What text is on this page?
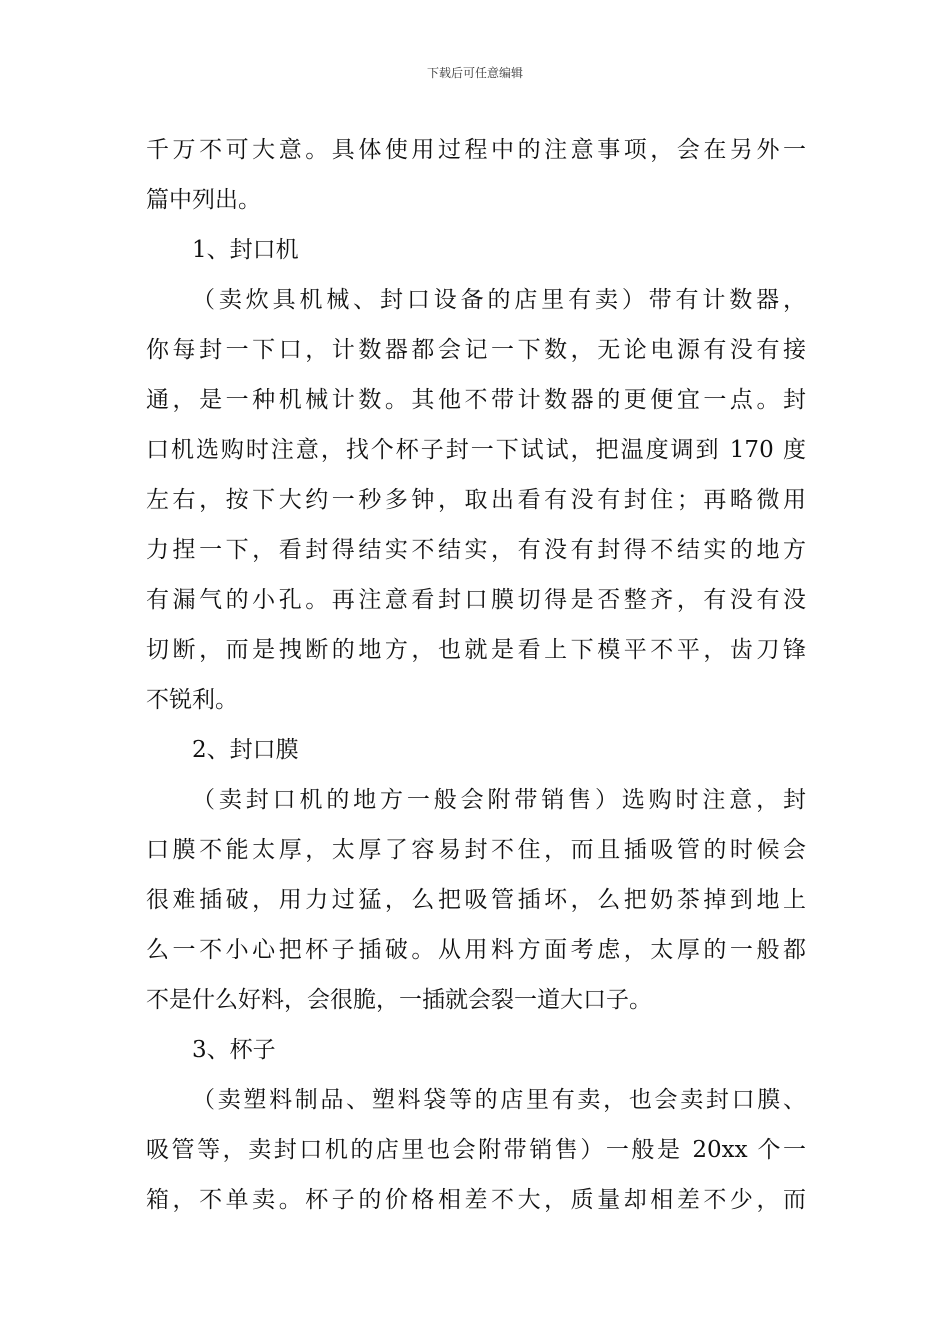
下载后可任意编辑
千万不可大意。具体使用过程中的注意事项，会在另外一
篇中列出。
1、封口机
（卖炊具机械、封口设备的店里有卖）带有计数器，
你每封一下口，计数器都会记一下数，无论电源有没有接
通，是一种机械计数。其他不带计数器的更便宜一点。封
口机选购时注意，找个杯子封一下试试，把温度调到 170 度
左右，按下大约一秒多钟，取出看有没有封住；再略微用
力捏一下，看封得结实不结实，有没有封得不结实的地方
有漏气的小孔。再注意看封口膜切得是否整齐，有没有没
切断，而是拽断的地方，也就是看上下模平不平，齿刀锋
不锐利。
2、封口膜
（卖封口机的地方一般会附带销售）选购时注意，封
口膜不能太厚，太厚了容易封不住，而且插吸管的时候会
很难插破，用力过猛，么把吸管插坏，么把奶茶掉到地上
么一不小心把杯子插破。从用料方面考虑，太厚的一般都
不是什么好料，会很脆，一插就会裂一道大口子。
3、杯子
（卖塑料制品、塑料袋等的店里有卖，也会卖封口膜、
吸管等，卖封口机的店里也会附带销售）一般是 20xx 个一
箱，不单卖。杯子的价格相差不大，质量却相差不少，而
